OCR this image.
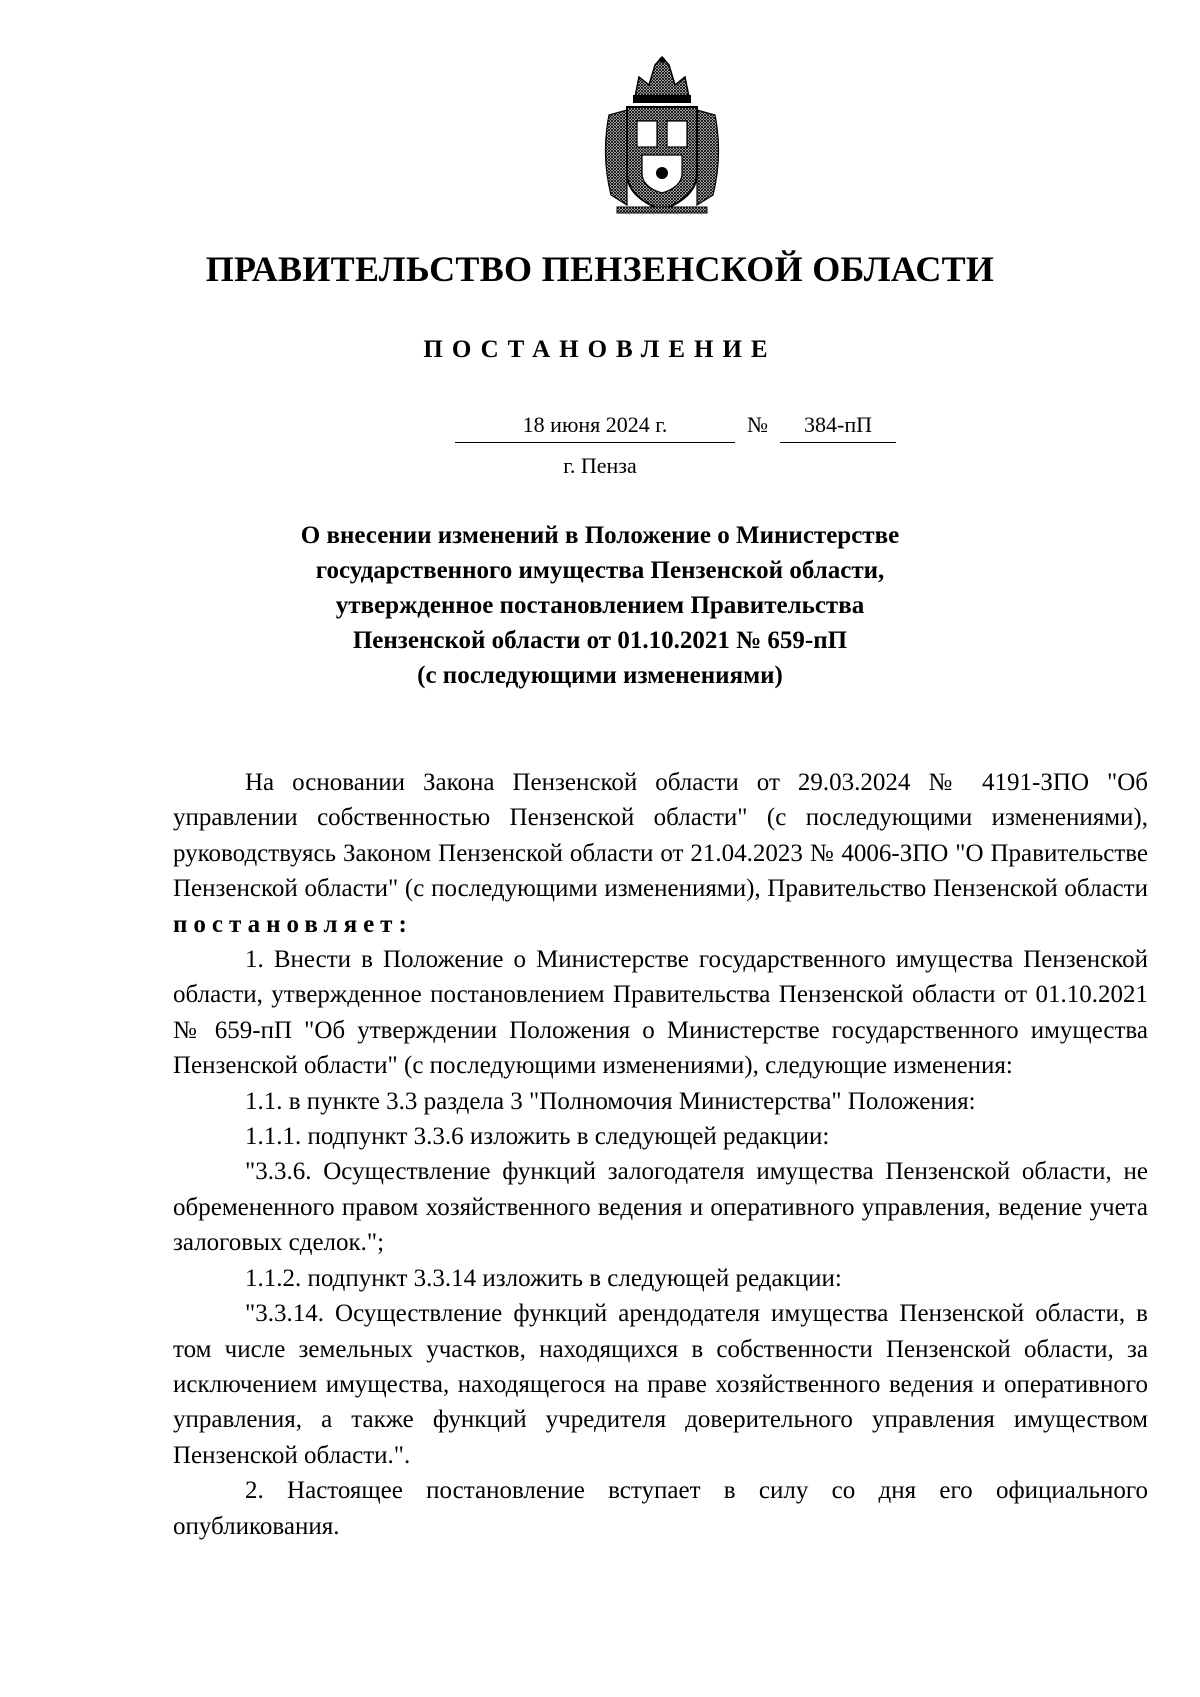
ПРАВИТЕЛЬСТВО ПЕНЗЕНСКОЙ ОБЛАСТИ
ПОСТАНОВЛЕНИЕ
18 июня 2024 г.	№	384-пП
г. Пенза
О внесении изменений в Положение о Министерстве
государственного имущества Пензенской области,
утвержденное постановлением Правительства
Пензенской области от 01.10.2021 № 659-пП
(с последующими изменениями)

На основании Закона Пензенской области от 29.03.2024 № 4191-ЗПО "Об управлении собственностью Пензенской области" (с последующими изменениями), руководствуясь Законом Пензенской области от 21.04.2023 № 4006-ЗПО "О Правительстве Пензенской области" (с последующими изменениями), Правительство Пензенской области постановляет:

1. Внести в Положение о Министерстве государственного имущества Пензенской области, утвержденное постановлением Правительства Пензенской области от 01.10.2021 № 659-пП "Об утверждении Положения о Министерстве государственного имущества Пензенской области" (с последующими изменениями), следующие изменения:

1.1. в пункте 3.3 раздела 3 "Полномочия Министерства" Положения:

1.1.1. подпункт 3.3.6 изложить в следующей редакции:

"3.3.6. Осуществление функций залогодателя имущества Пензенской области, не обремененного правом хозяйственного ведения и оперативного управления, ведение учета залоговых сделок.";

1.1.2. подпункт 3.3.14 изложить в следующей редакции:

"3.3.14. Осуществление функций арендодателя имущества Пензенской области, в том числе земельных участков, находящихся в собственности Пензенской области, за исключением имущества, находящегося на праве хозяйственного ведения и оперативного управления, а также функций учредителя доверительного управления имуществом Пензенской области.".

2. Настоящее постановление вступает в силу со дня его официального опубликования.
